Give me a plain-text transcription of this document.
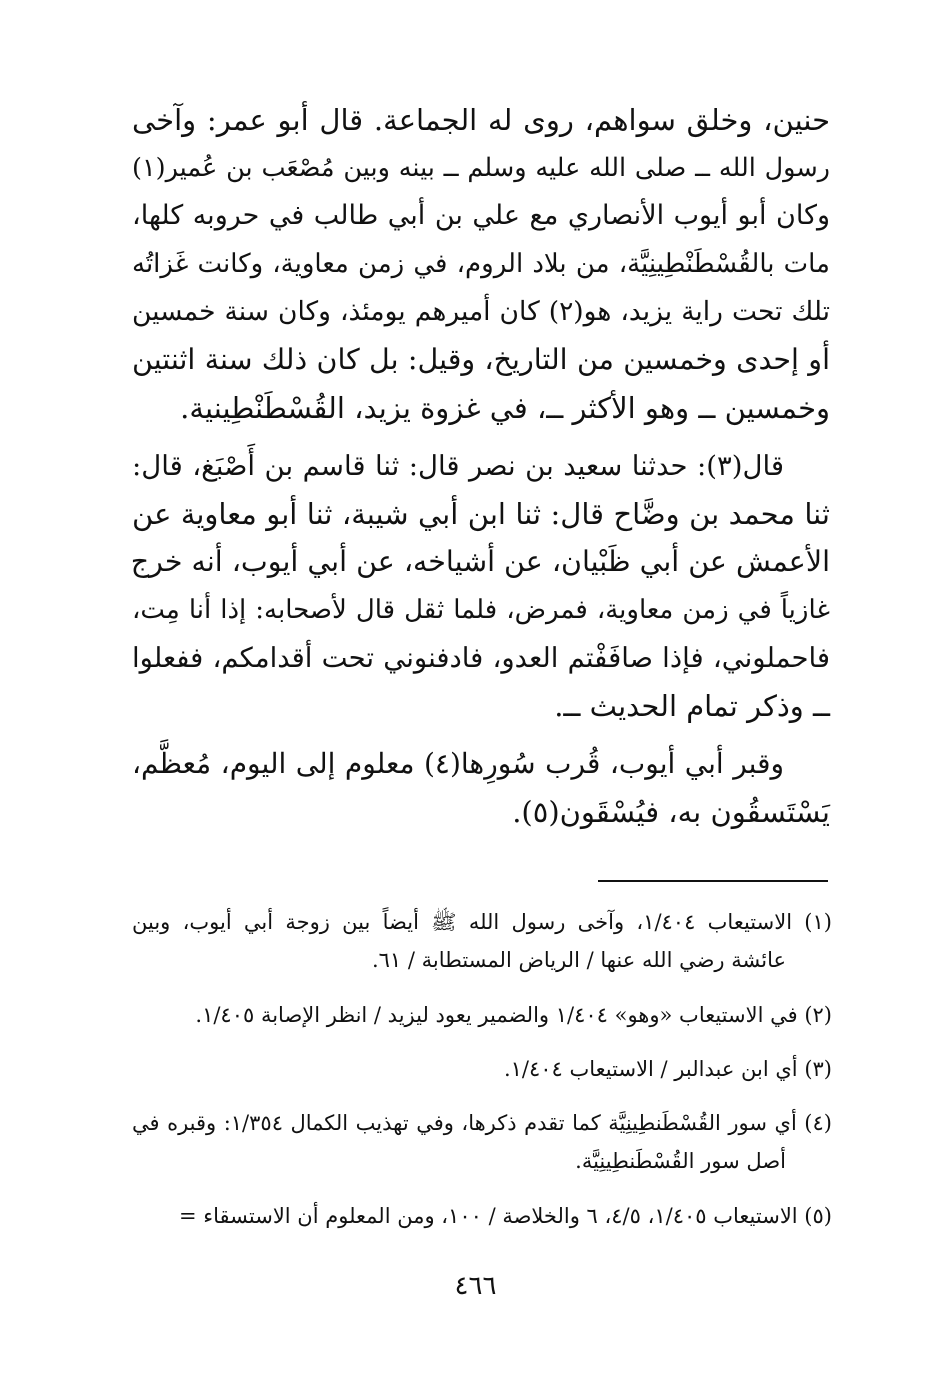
حنين، وخلق سواهم، روى له الجماعة. قال أبو عمر: وآخى
رسول الله ــ صلى الله عليه وسلم ــ بينه وبين مُصْعَب بن عُمير(١)
وكان أبو أيوب الأنصاري مع علي بن أبي طالب في حروبه كلها،
مات بالقُسْطَنْطِينِيَّة، من بلاد الروم، في زمن معاوية، وكانت غَزاتُه
تلك تحت راية يزيد، هو(٢) كان أميرهم يومئذ، وكان سنة خمسين
أو إحدى وخمسين من التاريخ، وقيل: بل كان ذلك سنة اثنتين
وخمسين ــ وهو الأكثر ــ، في غزوة يزيد، القُسْطَنْطِينية.
قال(٣): حدثنا سعيد بن نصر قال: ثنا قاسم بن أَصْبَغ، قال:
ثنا محمد بن وضَّاح قال: ثنا ابن أبي شيبة، ثنا أبو معاوية عن
الأعمش عن أبي ظَبْيان، عن أشياخه، عن أبي أيوب، أنه خرج
غازياً في زمن معاوية، فمرض، فلما ثقل قال لأصحابه: إذا أنا مِت،
فاحملوني، فإذا صافَفْتم العدو، فادفنوني تحت أقدامكم، ففعلوا
ــ وذكر تمام الحديث ــ.
وقبر أبي أيوب، قُرب سُورِها(٤) معلوم إلى اليوم، مُعظَّم،
يَسْتَسقُون به، فيُسْقَون(٥).
(١) الاستيعاب ١/٤٠٤، وآخى رسول الله ﷺ أيضاً بين زوجة أبي أيوب، وبين
عائشة رضي الله عنها / الرياض المستطابة / ٦١.
(٢) في الاستيعاب «وهو» ١/٤٠٤ والضمير يعود ليزيد / انظر الإصابة ١/٤٠٥.
(٣) أي ابن عبدالبر / الاستيعاب ١/٤٠٤.
(٤) أي سور القُسْطَنطِينِيَّة كما تقدم ذكرها، وفي تهذيب الكمال ١/٣٥٤: وقبره في
أصل سور القُسْطَنطِينِيَّة.
(٥) الاستيعاب ١/٤٠٥، ٤/٥، ٦ والخلاصة / ١٠٠، ومن المعلوم أن الاستسقاء =
٤٦٦
